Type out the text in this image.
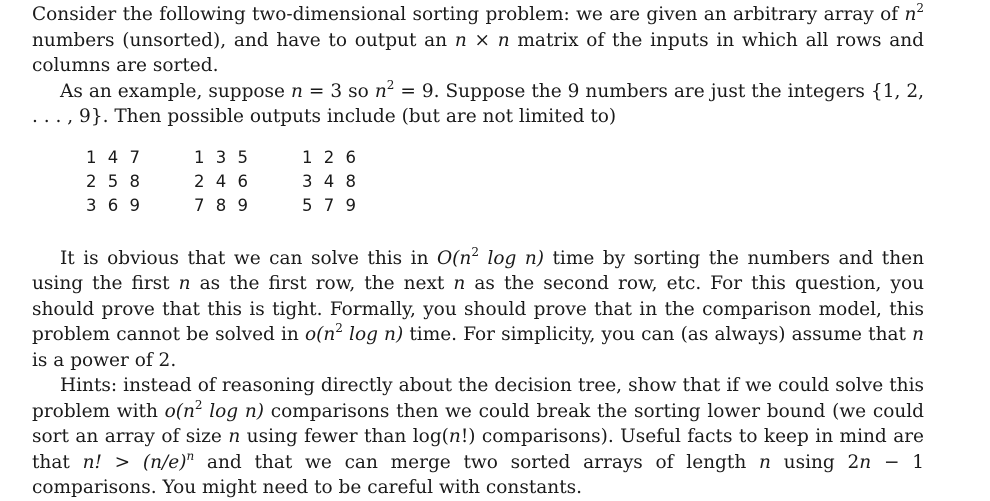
Consider the following two-dimensional sorting problem: we are given an arbitrary array of $n^2$ numbers (unsorted), and have to output an n × n matrix of the inputs in which all rows and columns are sorted.

As an example, suppose n = 3 so $n^2 = 9$. Suppose the 9 numbers are just the integers {1, 2, . . . , 9}. Then possible outputs include (but are not limited to)

1 4 7
2 5 8
3 6 9
1 3 5
2 4 6
7 8 9
1 2 6
3 4 8
5 7 9

It is obvious that we can solve this in $O(n^2$ log n) time by sorting the numbers and then using the first n as the first row, the next n as the second row, etc. For this question, you should prove that this is tight. Formally, you should prove that in the comparison model, this problem cannot be solved in $o(n^2$ log n) time. For simplicity, you can (as always) assume that n is a power of 2.

Hints: instead of reasoning directly about the decision tree, show that if we could solve this problem with $o(n^2$ log n) comparisons then we could break the sorting lower bound (we could sort an array of size n using fewer than log(n!) comparisons). Useful facts to keep in mind are that n! > $(n/e)^n$ and that we can merge two sorted arrays of length n using 2n − 1 comparisons. You might need to be careful with constants.
